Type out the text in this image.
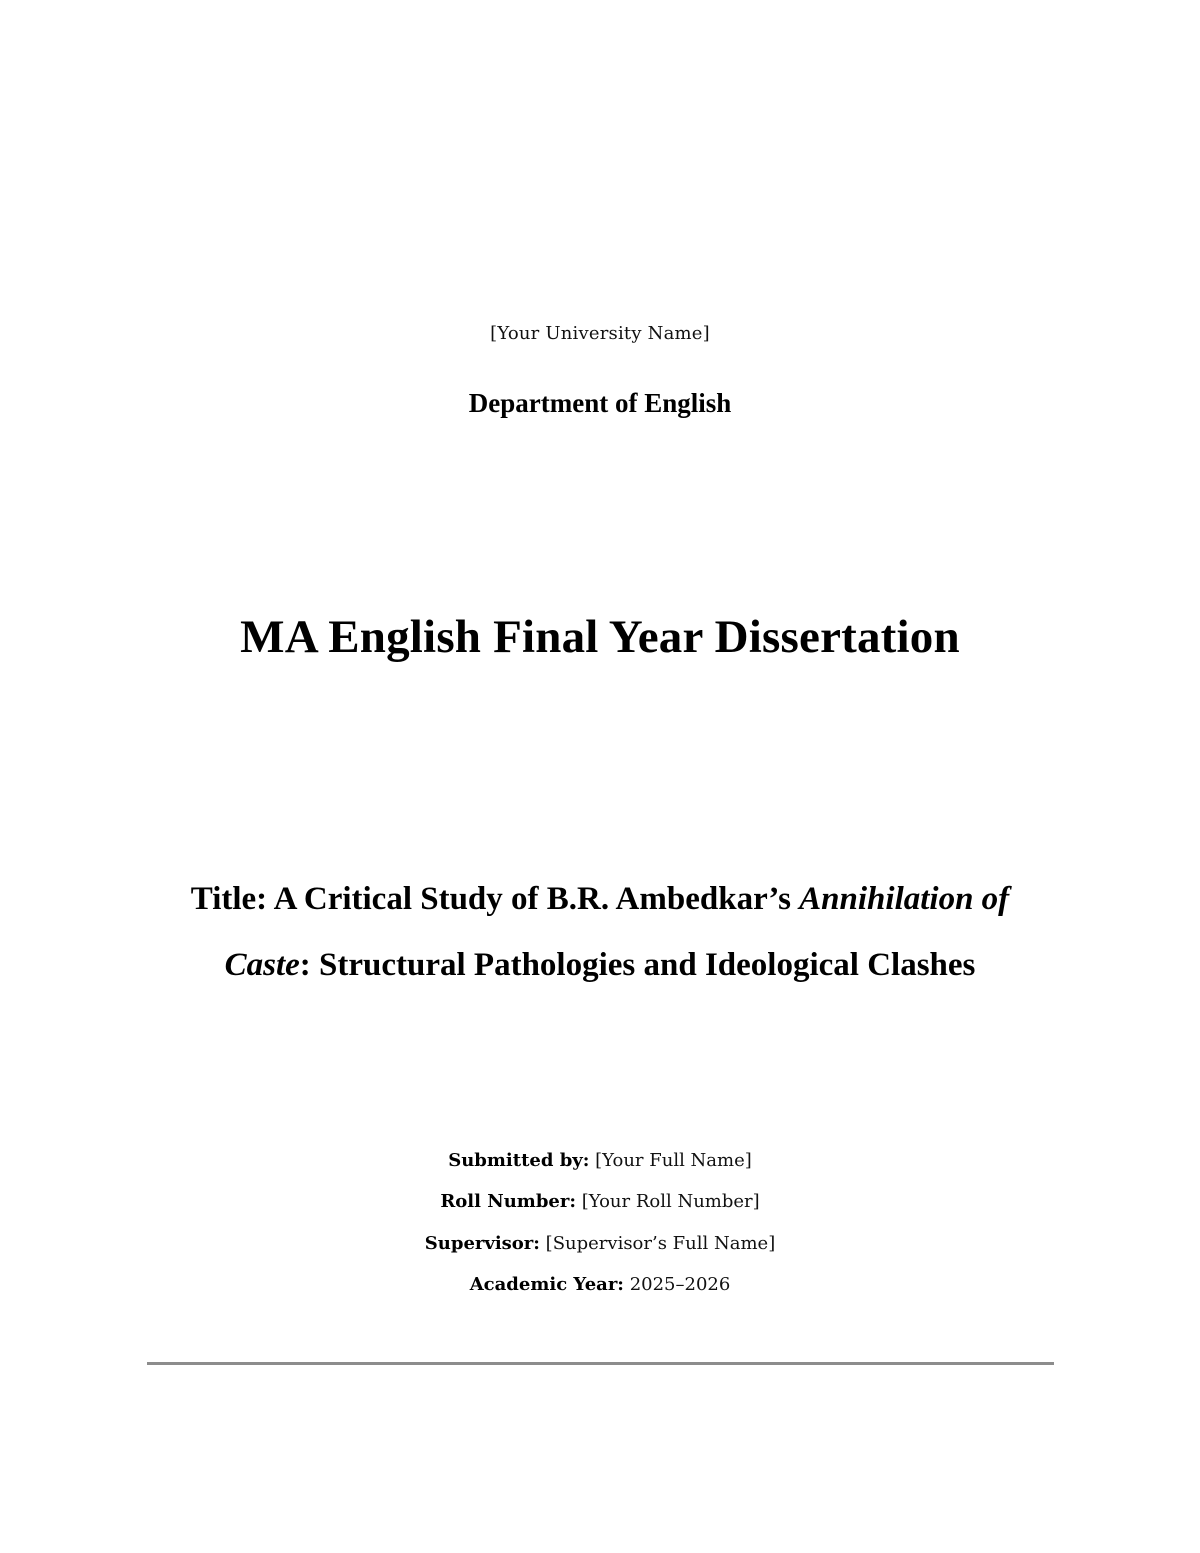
[Your University Name]
Department of English
MA English Final Year Dissertation
Title: A Critical Study of B.R. Ambedkar’s Annihilation of
Caste: Structural Pathologies and Ideological Clashes
Submitted by: [Your Full Name]
Roll Number: [Your Roll Number]
Supervisor: [Supervisor’s Full Name]
Academic Year: 2025–2026
